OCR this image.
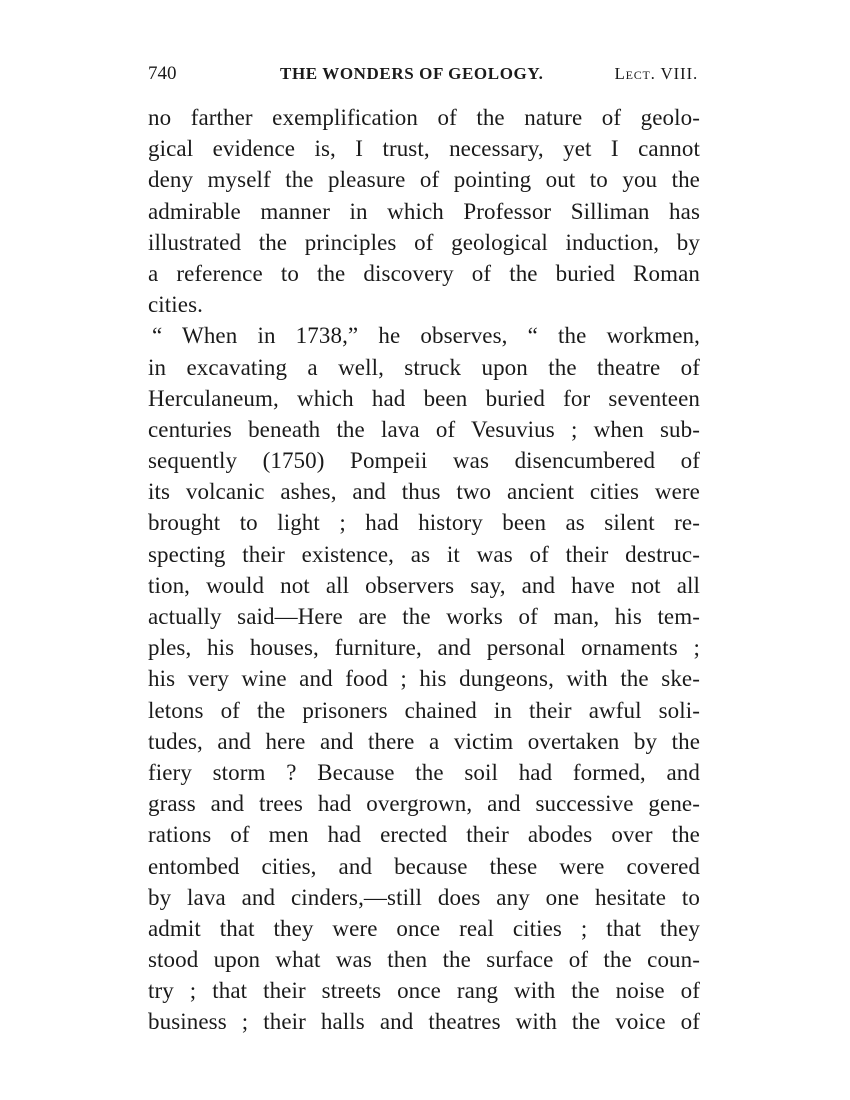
740	THE WONDERS OF GEOLOGY.	Lect. VIII.
no farther exemplification of the nature of geolo-
gical evidence is, I trust, necessary, yet I cannot
deny myself the pleasure of pointing out to you the
admirable manner in which Professor Silliman has
illustrated the principles of geological induction, by
a reference to the discovery of the buried Roman
cities.
“ When in 1738,” he observes, “ the workmen,
in excavating a well, struck upon the theatre of
Herculaneum, which had been buried for seventeen
centuries beneath the lava of Vesuvius ; when sub-
sequently (1750) Pompeii was disencumbered of
its volcanic ashes, and thus two ancient cities were
brought to light ; had history been as silent re-
specting their existence, as it was of their destruc-
tion, would not all observers say, and have not all
actually said—Here are the works of man, his tem-
ples, his houses, furniture, and personal ornaments ;
his very wine and food ; his dungeons, with the ske-
letons of the prisoners chained in their awful soli-
tudes, and here and there a victim overtaken by the
fiery storm ? Because the soil had formed, and
grass and trees had overgrown, and successive gene-
rations of men had erected their abodes over the
entombed cities, and because these were covered
by lava and cinders,—still does any one hesitate to
admit that they were once real cities ; that they
stood upon what was then the surface of the coun-
try ; that their streets once rang with the noise of
business ; their halls and theatres with the voice of
